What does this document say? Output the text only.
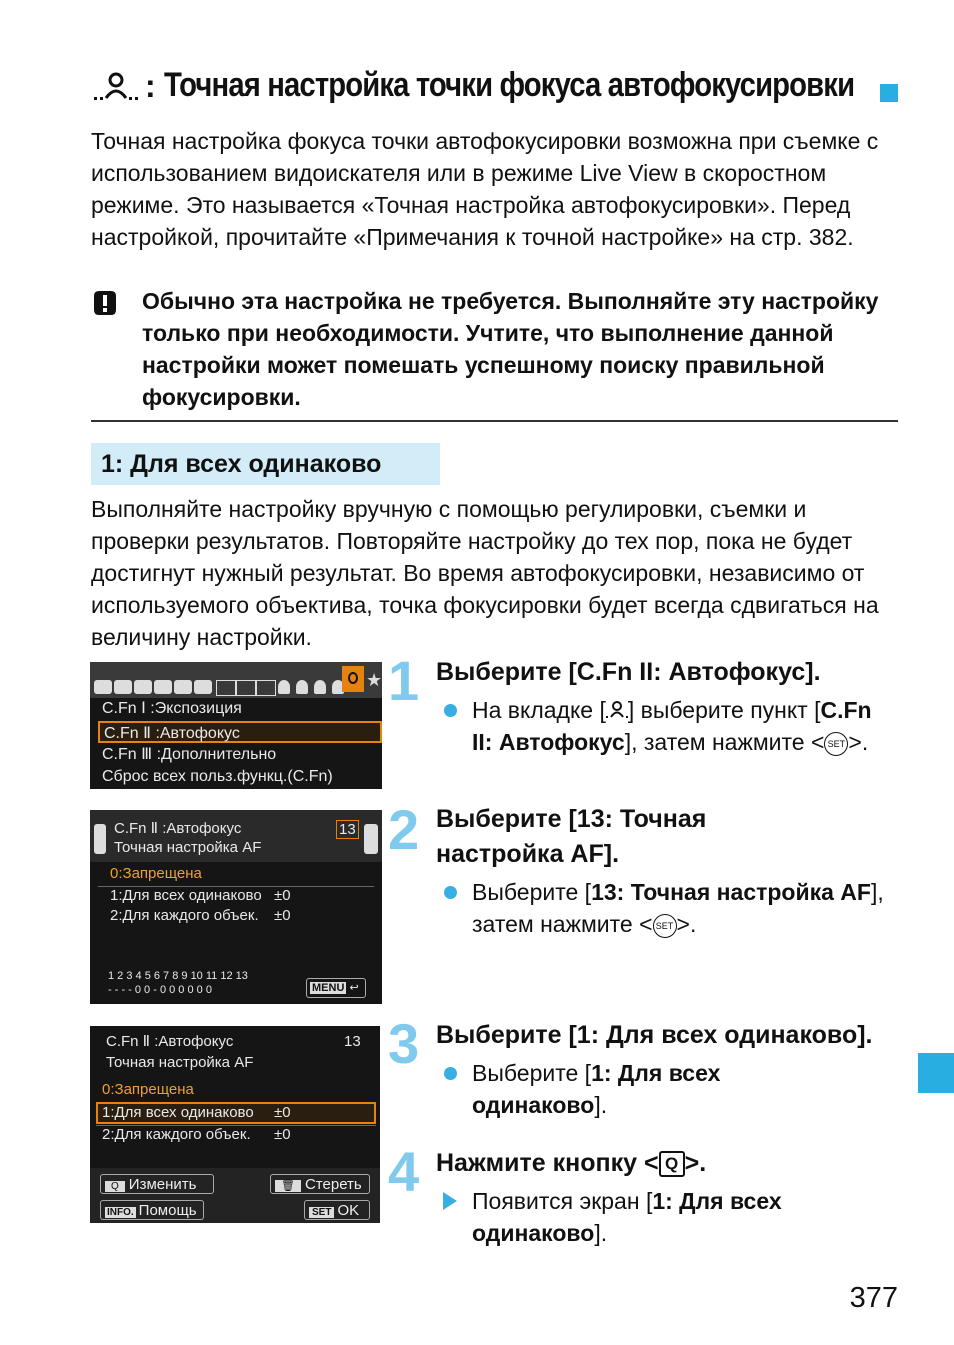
: Точная настройка точки фокуса автофокусировки
Точная настройка фокуса точки автофокусировки возможна при съемке с использованием видоискателя или в режиме Live View в скоростном режиме. Это называется «Точная настройка автофокусировки». Перед настройкой, прочитайте «Примечания к точной настройке» на стр. 382.
Обычно эта настройка не требуется. Выполняйте эту настройку только при необходимости. Учтите, что выполнение данной настройки может помешать успешному поиску правильной фокусировки.
1: Для всех одинаково
Выполняйте настройку вручную с помощью регулировки, съемки и проверки результатов. Повторяйте настройку до тех пор, пока не будет достигнут нужный результат. Во время автофокусировки, независимо от используемого объектива, точка фокусировки будет всегда сдвигаться на величину настройки.
★
C.Fn Ⅰ :Экспозиция
C.Fn Ⅱ :Автофокус
C.Fn Ⅲ :Дополнительно
Сброс всех польз.функц.(C.Fn)
1 Выберите [C.Fn II: Автофокус].
На вкладке [ ] выберите пункт [C.Fn II: Автофокус], затем нажмите < SET >.
C.Fn Ⅱ :Автофокус
Точная настройка AF
13
0:Запрещена
1:Для всех одинаково ±0
2:Для каждого объек. ±0
1 2 3 4 5 6 7 8 9 10 11 12 13
- - - - 0 0 - 0 0 0 0 0 0	MENU ↩
2 Выберите [13: Точная
настройка AF].
Выберите [13: Точная настройка AF], затем нажмите < SET >.
C.Fn Ⅱ :Автофокус
Точная настройка AF
13
0:Запрещена
1:Для всех одинаково ±0
2:Для каждого объек. ±0
Q Изменить	🗑 Стереть
INFO. Помощь	SET OK
3 Выберите [1: Для всех одинаково].
Выберите [1: Для всех одинаково].
4 Нажмите кнопку < Q >.
Появится экран [1: Для всех одинаково].
377
